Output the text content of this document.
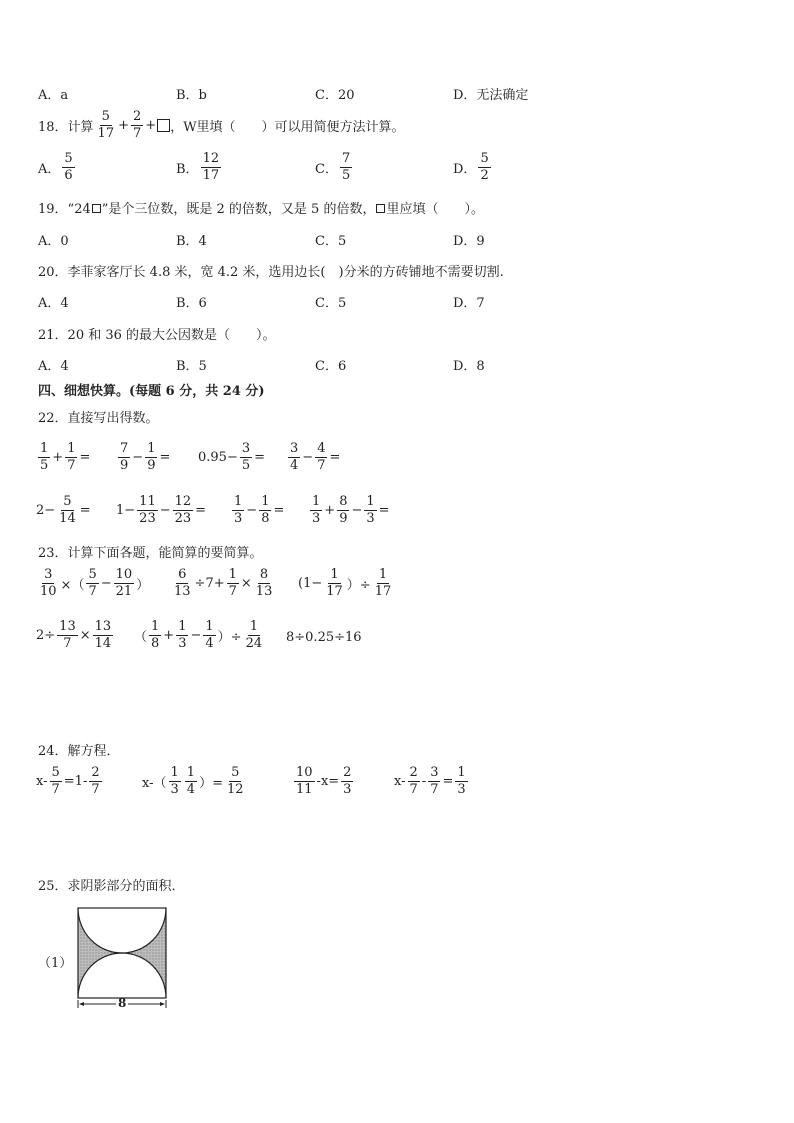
A．a	B．b	C．20	D．无法确定
18．计算 $\frac{5}{17} + \frac{2}{7}$ + ，W里填（　　）可以用简便方法计算。
A． $\frac{5}{6}$	B． $\frac{12}{17}$	C． $\frac{7}{5}$	D． $\frac{5}{2}$
19．“24 ”是个三位数，既是 2 的倍数，又是 5 的倍数， 里应填（　　）。
A．0	B．4	C．5	D．9
20．李菲家客厅长 4.8 米，宽 4.2 米，选用边长(　)分米的方砖铺地不需要切割.
A．4	B．6	C．5	D．7
21．20 和 36 的最大公因数是（　　）。
A．4	B．5	C．6	D．8
四、细想快算。(每题 6 分，共 24 分)
22．直接写出得数。
$\frac{1}{5} + \frac{1}{7} = \frac{7}{9} - \frac{1}{9} = 0.95- \frac{3}{5} = \frac{3}{4} - \frac{4}{7}$ =
$2- \frac{5}{14} = 1- \frac{11}{23} - \frac{12}{23} = \frac{1}{3} - \frac{1}{8} = \frac{1}{3} + \frac{8}{9} - \frac{1}{3}$ =
23．计算下面各题，能简算的要简算。
$\frac{3}{10}$ ×（ $\frac{5}{7} - \frac{10}{21}$ ） $\frac{6}{13} \div 7+ \frac{1}{7} \times \frac{8}{13} (1- \frac{1}{17}$ ）÷ $\frac{1}{17}$
$2\div \frac{13}{7} \times \frac{13}{14}$ （ $\frac{1}{8} + \frac{1}{3} - \frac{1}{4}$ ）÷ $\frac{1}{24} 8\div 0.25\div 16$
24．解方程．
$x- \frac{5}{7} =1- \frac{2}{7}$	$x-( \frac{1}{3} \frac{1}{4}$ ）= $\frac{5}{12}$	$\frac{10}{11} -x= \frac{2}{3}$	$x- \frac{2}{7} - \frac{3}{7} = \frac{1}{3}$
25．求阴影部分的面积．
（1）
8
